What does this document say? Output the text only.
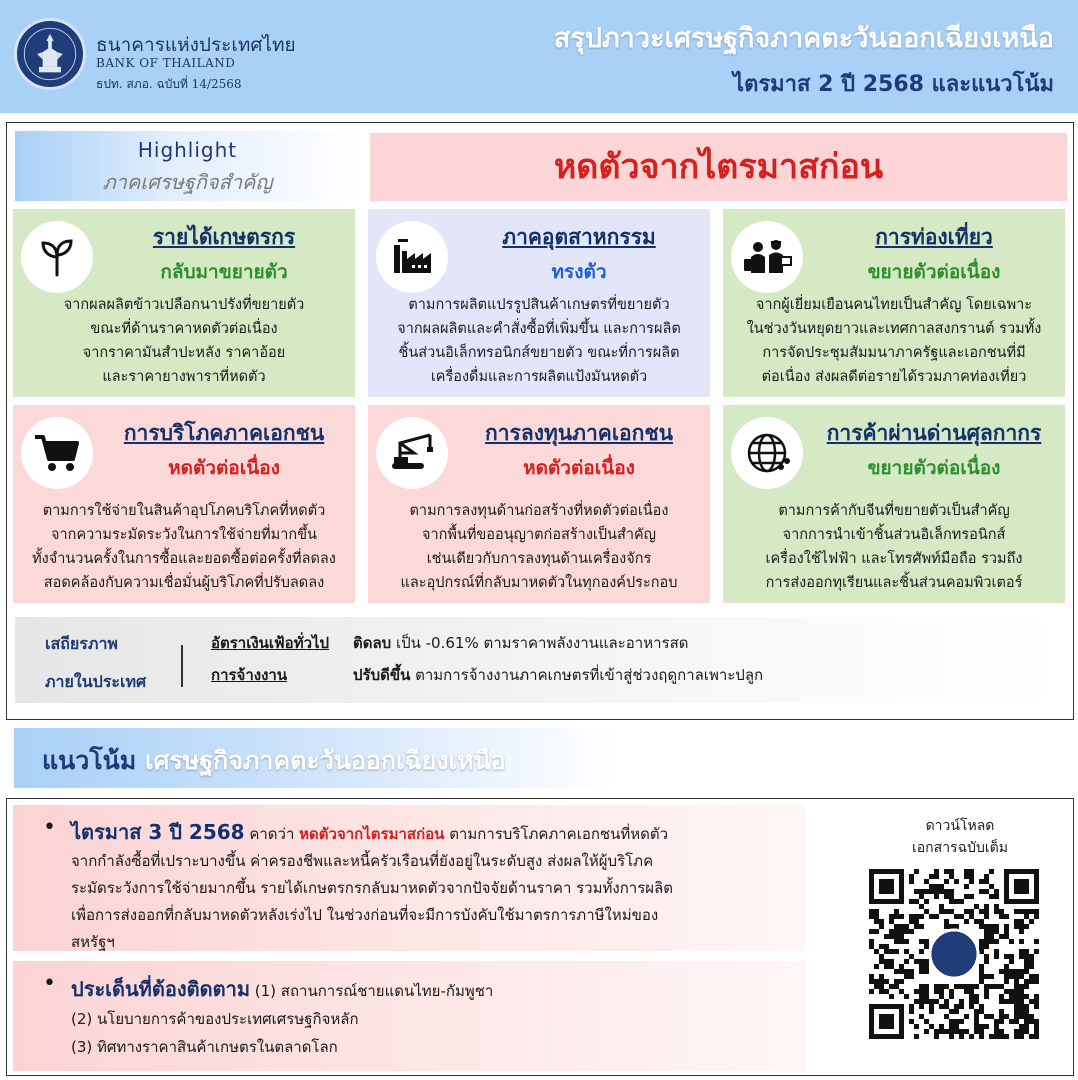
ธนาคารแห่งประเทศไทย
BANK OF THAILAND
ธปท. สภอ. ฉบับที่ 14/2568
สรุปภาวะเศรษฐกิจภาคตะวันออกเฉียงเหนือ
ไตรมาส 2 ปี 2568 และแนวโน้ม
Highlight
ภาคเศรษฐกิจสำคัญ	หดตัวจากไตรมาสก่อน
รายได้เกษตรกร
กลับมาขยายตัว
จากผลผลิตข้าวเปลือกนาปรังที่ขยายตัว
ขณะที่ด้านราคาหดตัวต่อเนื่อง
จากราคามันสำปะหลัง ราคาอ้อย
และราคายางพาราที่หดตัว
ภาคอุตสาหกรรม
ทรงตัว
ตามการผลิตแปรรูปสินค้าเกษตรที่ขยายตัว
จากผลผลิตและคำสั่งซื้อที่เพิ่มขึ้น และการผลิต
ชิ้นส่วนอิเล็กทรอนิกส์ขยายตัว ขณะที่การผลิต
เครื่องดื่มและการผลิตแป้งมันหดตัว
การท่องเที่ยว
ขยายตัวต่อเนื่อง
จากผู้เยี่ยมเยือนคนไทยเป็นสำคัญ โดยเฉพาะ
ในช่วงวันหยุดยาวและเทศกาลสงกรานต์ รวมทั้ง
การจัดประชุมสัมมนาภาครัฐและเอกชนที่มี
ต่อเนื่อง ส่งผลดีต่อรายได้รวมภาคท่องเที่ยว
การบริโภคภาคเอกชน
หดตัวต่อเนื่อง
ตามการใช้จ่ายในสินค้าอุปโภคบริโภคที่หดตัว
จากความระมัดระวังในการใช้จ่ายที่มากขึ้น
ทั้งจำนวนครั้งในการซื้อและยอดซื้อต่อครั้งที่ลดลง
สอดคล้องกับความเชื่อมั่นผู้บริโภคที่ปรับลดลง
การลงทุนภาคเอกชน
หดตัวต่อเนื่อง
ตามการลงทุนด้านก่อสร้างที่หดตัวต่อเนื่อง
จากพื้นที่ขออนุญาตก่อสร้างเป็นสำคัญ
เช่นเดียวกับการลงทุนด้านเครื่องจักร
และอุปกรณ์ที่กลับมาหดตัวในทุกองค์ประกอบ
การค้าผ่านด่านศุลกากร
ขยายตัวต่อเนื่อง
ตามการค้ากับจีนที่ขยายตัวเป็นสำคัญ
จากการนำเข้าชิ้นส่วนอิเล็กทรอนิกส์
เครื่องใช้ไฟฟ้า และโทรศัพท์มือถือ รวมถึง
การส่งออกทุเรียนและชิ้นส่วนคอมพิวเตอร์
เสถียรภาพ
ภายในประเทศ
อัตราเงินเฟ้อทั่วไป ติดลบ เป็น -0.61% ตามราคาพลังงานและอาหารสด
การจ้างงาน	ปรับดีขึ้น ตามการจ้างงานภาคเกษตรที่เข้าสู่ช่วงฤดูกาลเพาะปลูก
แนวโน้ม เศรษฐกิจภาคตะวันออกเฉียงเหนือ
• ไตรมาส 3 ปี 2568 คาดว่า หดตัวจากไตรมาสก่อน ตามการบริโภคภาคเอกชนที่หดตัว
จากกำลังซื้อที่เปราะบางขึ้น ค่าครองชีพและหนี้ครัวเรือนที่ยังอยู่ในระดับสูง ส่งผลให้ผู้บริโภค
ระมัดระวังการใช้จ่ายมากขึ้น รายได้เกษตรกรกลับมาหดตัวจากปัจจัยด้านราคา รวมทั้งการผลิต
เพื่อการส่งออกที่กลับมาหดตัวหลังเร่งไป ในช่วงก่อนที่จะมีการบังคับใช้มาตรการภาษีใหม่ของ
สหรัฐฯ
• ประเด็นที่ต้องติดตาม (1) สถานการณ์ชายแดนไทย-กัมพูชา
(2) นโยบายการค้าของประเทศเศรษฐกิจหลัก
(3) ทิศทางราคาสินค้าเกษตรในตลาดโลก
ดาวน์โหลด
เอกสารฉบับเต็ม
